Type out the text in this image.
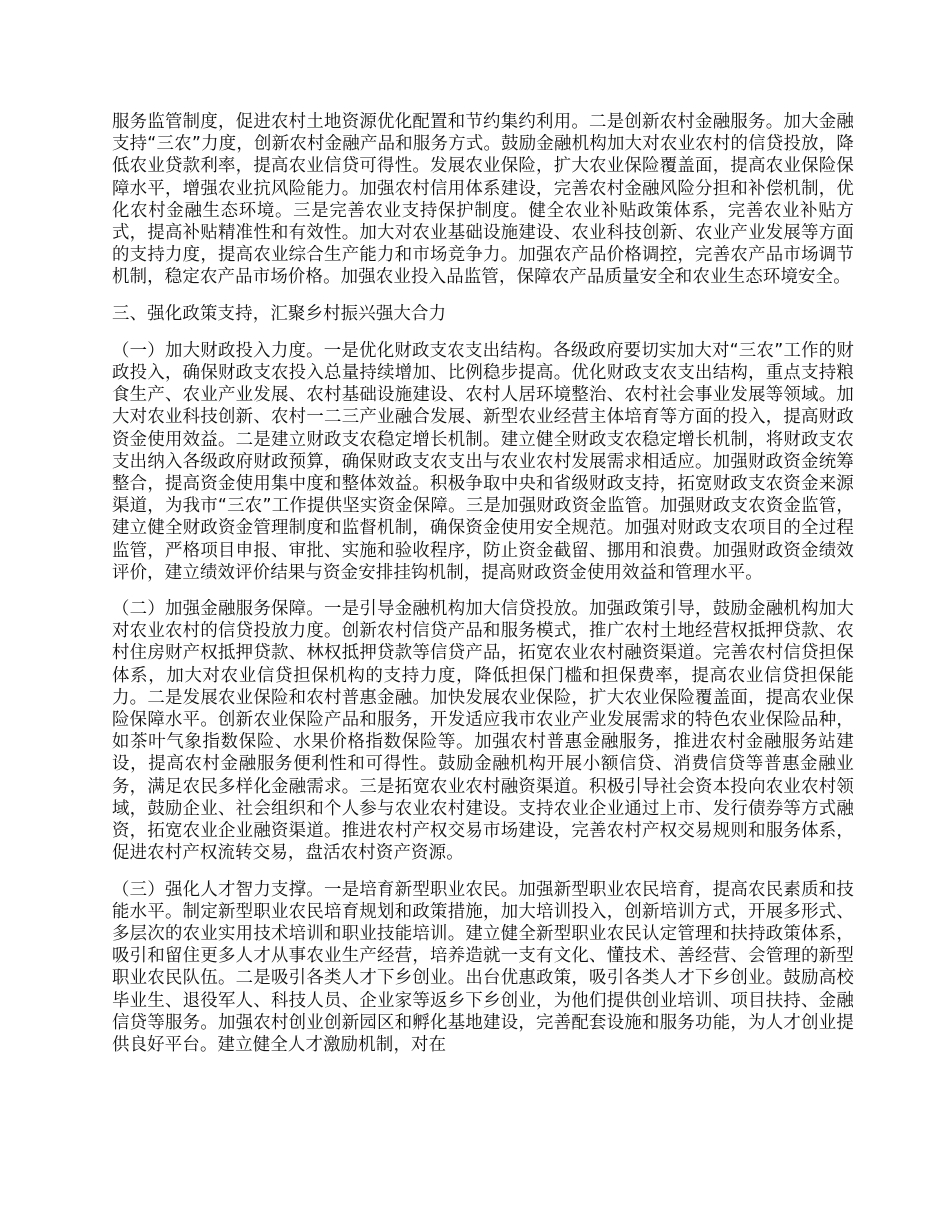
服务监管制度，促进农村土地资源优化配置和节约集约利用。二是创新农村金融服务。加大金融支持“三农”力度，创新农村金融产品和服务方式。鼓励金融机构加大对农业农村的信贷投放，降低农业贷款利率，提高农业信贷可得性。发展农业保险，扩大农业保险覆盖面，提高农业保险保障水平，增强农业抗风险能力。加强农村信用体系建设，完善农村金融风险分担和补偿机制，优化农村金融生态环境。三是完善农业支持保护制度。健全农业补贴政策体系，完善农业补贴方式，提高补贴精准性和有效性。加大对农业基础设施建设、农业科技创新、农业产业发展等方面的支持力度，提高农业综合生产能力和市场竞争力。加强农产品价格调控，完善农产品市场调节机制，稳定农产品市场价格。加强农业投入品监管，保障农产品质量安全和农业生态环境安全。

三、强化政策支持，汇聚乡村振兴强大合力

（一）加大财政投入力度。一是优化财政支农支出结构。各级政府要切实加大对“三农”工作的财政投入，确保财政支农投入总量持续增加、比例稳步提高。优化财政支农支出结构，重点支持粮食生产、农业产业发展、农村基础设施建设、农村人居环境整治、农村社会事业发展等领域。加大对农业科技创新、农村一二三产业融合发展、新型农业经营主体培育等方面的投入，提高财政资金使用效益。二是建立财政支农稳定增长机制。建立健全财政支农稳定增长机制，将财政支农支出纳入各级政府财政预算，确保财政支农支出与农业农村发展需求相适应。加强财政资金统筹整合，提高资金使用集中度和整体效益。积极争取中央和省级财政支持，拓宽财政支农资金来源渠道，为我市“三农”工作提供坚实资金保障。三是加强财政资金监管。加强财政支农资金监管，建立健全财政资金管理制度和监督机制，确保资金使用安全规范。加强对财政支农项目的全过程监管，严格项目申报、审批、实施和验收程序，防止资金截留、挪用和浪费。加强财政资金绩效评价，建立绩效评价结果与资金安排挂钩机制，提高财政资金使用效益和管理水平。

（二）加强金融服务保障。一是引导金融机构加大信贷投放。加强政策引导，鼓励金融机构加大对农业农村的信贷投放力度。创新农村信贷产品和服务模式，推广农村土地经营权抵押贷款、农村住房财产权抵押贷款、林权抵押贷款等信贷产品，拓宽农业农村融资渠道。完善农村信贷担保体系，加大对农业信贷担保机构的支持力度，降低担保门槛和担保费率，提高农业信贷担保能力。二是发展农业保险和农村普惠金融。加快发展农业保险，扩大农业保险覆盖面，提高农业保险保障水平。创新农业保险产品和服务，开发适应我市农业产业发展需求的特色农业保险品种，如茶叶气象指数保险、水果价格指数保险等。加强农村普惠金融服务，推进农村金融服务站建设，提高农村金融服务便利性和可得性。鼓励金融机构开展小额信贷、消费信贷等普惠金融业务，满足农民多样化金融需求。三是拓宽农业农村融资渠道。积极引导社会资本投向农业农村领域，鼓励企业、社会组织和个人参与农业农村建设。支持农业企业通过上市、发行债券等方式融资，拓宽农业企业融资渠道。推进农村产权交易市场建设，完善农村产权交易规则和服务体系，促进农村产权流转交易，盘活农村资产资源。

（三）强化人才智力支撑。一是培育新型职业农民。加强新型职业农民培育，提高农民素质和技能水平。制定新型职业农民培育规划和政策措施，加大培训投入，创新培训方式，开展多形式、多层次的农业实用技术培训和职业技能培训。建立健全新型职业农民认定管理和扶持政策体系，吸引和留住更多人才从事农业生产经营，培养造就一支有文化、懂技术、善经营、会管理的新型职业农民队伍。二是吸引各类人才下乡创业。出台优惠政策，吸引各类人才下乡创业。鼓励高校毕业生、退役军人、科技人员、企业家等返乡下乡创业，为他们提供创业培训、项目扶持、金融信贷等服务。加强农村创业创新园区和孵化基地建设，完善配套设施和服务功能，为人才创业提供良好平台。建立健全人才激励机制，对在
